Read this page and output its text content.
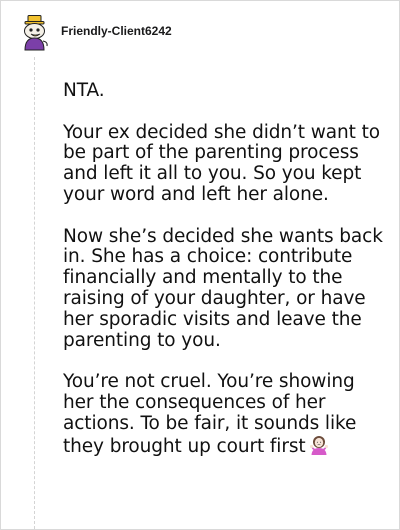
Friendly-Client6242

NTA.

Your ex decided she didn’t want to be part of the parenting process and left it all to you. So you kept your word and left her alone.

Now she’s decided she wants back in. She has a choice: contribute financially and mentally to the raising of your daughter, or have her sporadic visits and leave the parenting to you.

You’re not cruel. You’re showing her the consequences of her actions. To be fair, it sounds like they brought up court first
